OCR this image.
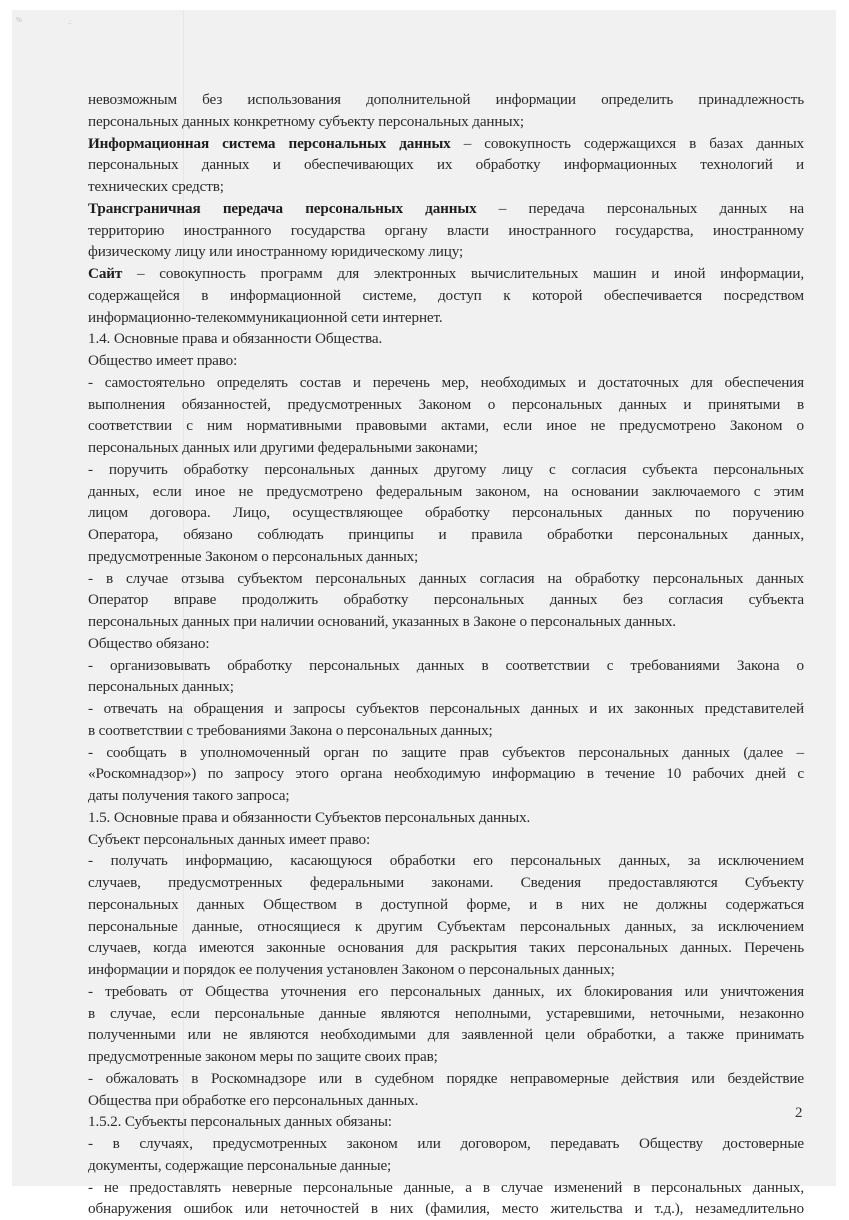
%	.:
невозможным без использования дополнительной информации определить принадлежность
персональных данных конкретному субъекту персональных данных;
Информационная система персональных данных – совокупность содержащихся в базах данных
персональных данных и обеспечивающих их обработку информационных технологий и
технических средств;
Трансграничная передача персональных данных – передача персональных данных на
территорию иностранного государства органу власти иностранного государства, иностранному
физическому лицу или иностранному юридическому лицу;
Сайт – совокупность программ для электронных вычислительных машин и иной информации,
содержащейся в информационной системе, доступ к которой обеспечивается посредством
информационно-телекоммуникационной сети интернет.
1.4. Основные права и обязанности Общества.
Общество имеет право:
- самостоятельно определять состав и перечень мер, необходимых и достаточных для обеспечения
выполнения обязанностей, предусмотренных Законом о персональных данных и принятыми в
соответствии с ним нормативными правовыми актами, если иное не предусмотрено Законом о
персональных данных или другими федеральными законами;
- поручить обработку персональных данных другому лицу с согласия субъекта персональных
данных, если иное не предусмотрено федеральным законом, на основании заключаемого с этим
лицом договора. Лицо, осуществляющее обработку персональных данных по поручению
Оператора, обязано соблюдать принципы и правила обработки персональных данных,
предусмотренные Законом о персональных данных;
- в случае отзыва субъектом персональных данных согласия на обработку персональных данных
Оператор вправе продолжить обработку персональных данных без согласия субъекта
персональных данных при наличии оснований, указанных в Законе о персональных данных.
Общество обязано:
- организовывать обработку персональных данных в соответствии с требованиями Закона о
персональных данных;
- отвечать на обращения и запросы субъектов персональных данных и их законных представителей
в соответствии с требованиями Закона о персональных данных;
- сообщать в уполномоченный орган по защите прав субъектов персональных данных (далее –
«Роскомнадзор») по запросу этого органа необходимую информацию в течение 10 рабочих дней с
даты получения такого запроса;
1.5. Основные права и обязанности Субъектов персональных данных.
Субъект персональных данных имеет право:
- получать информацию, касающуюся обработки его персональных данных, за исключением
случаев, предусмотренных федеральными законами. Сведения предоставляются Субъекту
персональных данных Обществом в доступной форме, и в них не должны содержаться
персональные данные, относящиеся к другим Субъектам персональных данных, за исключением
случаев, когда имеются законные основания для раскрытия таких персональных данных. Перечень
информации и порядок ее получения установлен Законом о персональных данных;
- требовать от Общества уточнения его персональных данных, их блокирования или уничтожения
в случае, если персональные данные являются неполными, устаревшими, неточными, незаконно
полученными или не являются необходимыми для заявленной цели обработки, а также принимать
предусмотренные законом меры по защите своих прав;
- обжаловать в Роскомнадзоре или в судебном порядке неправомерные действия или бездействие
Общества при обработке его персональных данных.
1.5.2. Субъекты персональных данных обязаны:
- в случаях, предусмотренных законом или договором, передавать Обществу достоверные
документы, содержащие персональные данные;
- не предоставлять неверные персональные данные, а в случае изменений в персональных данных,
обнаружения ошибок или неточностей в них (фамилия, место жительства и т.д.), незамедлительно
2
